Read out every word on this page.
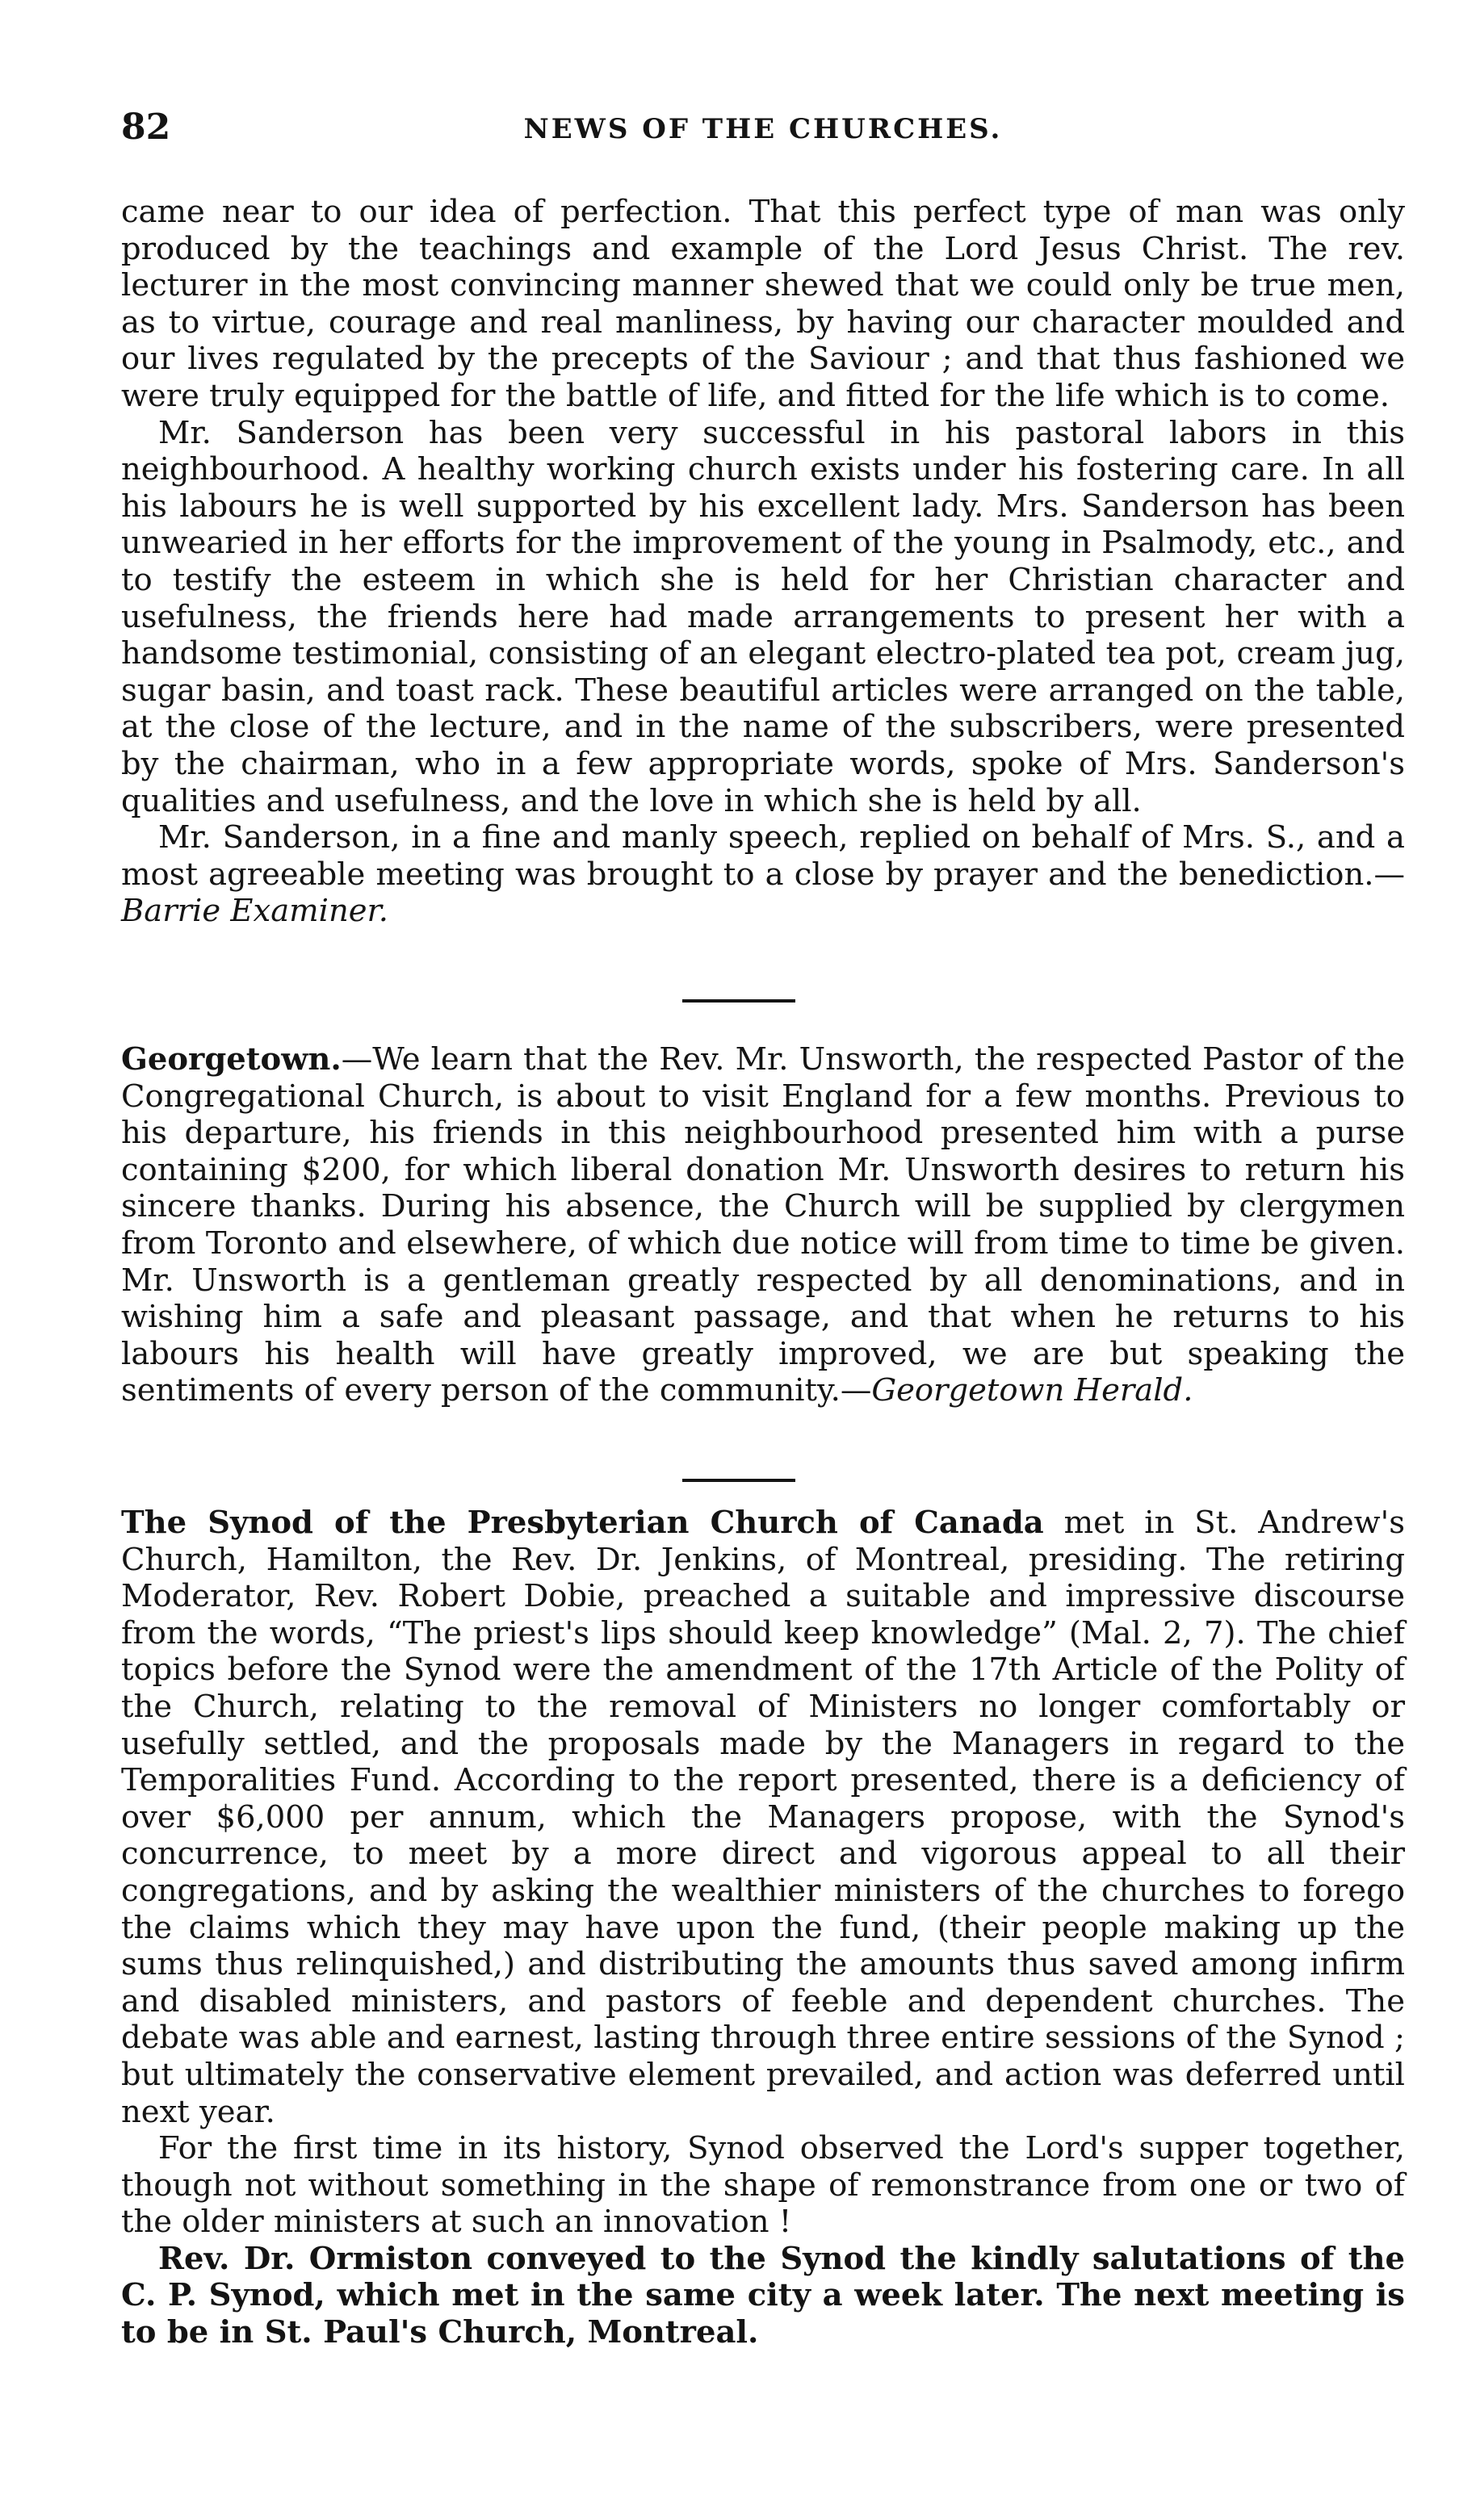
82	NEWS OF THE CHURCHES.

came near to our idea of perfection. That this perfect type of man was only produced by the teachings and example of the Lord Jesus Christ. The rev. lecturer in the most convincing manner shewed that we could only be true men, as to virtue, courage and real manliness, by having our character moulded and our lives regulated by the precepts of the Saviour ; and that thus fashioned we were truly equipped for the battle of life, and fitted for the life which is to come.

Mr. Sanderson has been very successful in his pastoral labors in this neighbourhood. A healthy working church exists under his fostering care. In all his labours he is well supported by his excellent lady. Mrs. Sanderson has been unwearied in her efforts for the improvement of the young in Psalmody, etc., and to testify the esteem in which she is held for her Christian character and usefulness, the friends here had made arrangements to present her with a handsome testimonial, consisting of an elegant electro-plated tea pot, cream jug, sugar basin, and toast rack. These beautiful articles were arranged on the table, at the close of the lecture, and in the name of the subscribers, were presented by the chairman, who in a few appropriate words, spoke of Mrs. Sanderson's qualities and usefulness, and the love in which she is held by all.

Mr. Sanderson, in a fine and manly speech, replied on behalf of Mrs. S., and a most agreeable meeting was brought to a close by prayer and the benediction.—Barrie Examiner.

Georgetown.—We learn that the Rev. Mr. Unsworth, the respected Pastor of the Congregational Church, is about to visit England for a few months. Previous to his departure, his friends in this neighbourhood presented him with a purse containing $200, for which liberal donation Mr. Unsworth desires to return his sincere thanks. During his absence, the Church will be supplied by clergymen from Toronto and elsewhere, of which due notice will from time to time be given. Mr. Unsworth is a gentleman greatly respected by all denominations, and in wishing him a safe and pleasant passage, and that when he returns to his labours his health will have greatly improved, we are but speaking the sentiments of every person of the community.—Georgetown Herald.

The Synod of the Presbyterian Church of Canada met in St. Andrew's Church, Hamilton, the Rev. Dr. Jenkins, of Montreal, presiding. The retiring Moderator, Rev. Robert Dobie, preached a suitable and impressive discourse from the words, “The priest's lips should keep knowledge” (Mal. 2, 7). The chief topics before the Synod were the amendment of the 17th Article of the Polity of the Church, relating to the removal of Ministers no longer comfortably or usefully settled, and the proposals made by the Managers in regard to the Temporalities Fund. According to the report presented, there is a deficiency of over $6,000 per annum, which the Managers propose, with the Synod's concurrence, to meet by a more direct and vigorous appeal to all their congregations, and by asking the wealthier ministers of the churches to forego the claims which they may have upon the fund, (their people making up the sums thus relinquished,) and distributing the amounts thus saved among infirm and disabled ministers, and pastors of feeble and dependent churches. The debate was able and earnest, lasting through three entire sessions of the Synod ; but ultimately the conservative element prevailed, and action was deferred until next year.

For the first time in its history, Synod observed the Lord's supper together, though not without something in the shape of remonstrance from one or two of the older ministers at such an innovation !

Rev. Dr. Ormiston conveyed to the Synod the kindly salutations of the C. P. Synod, which met in the same city a week later. The next meeting is to be in St. Paul's Church, Montreal.
